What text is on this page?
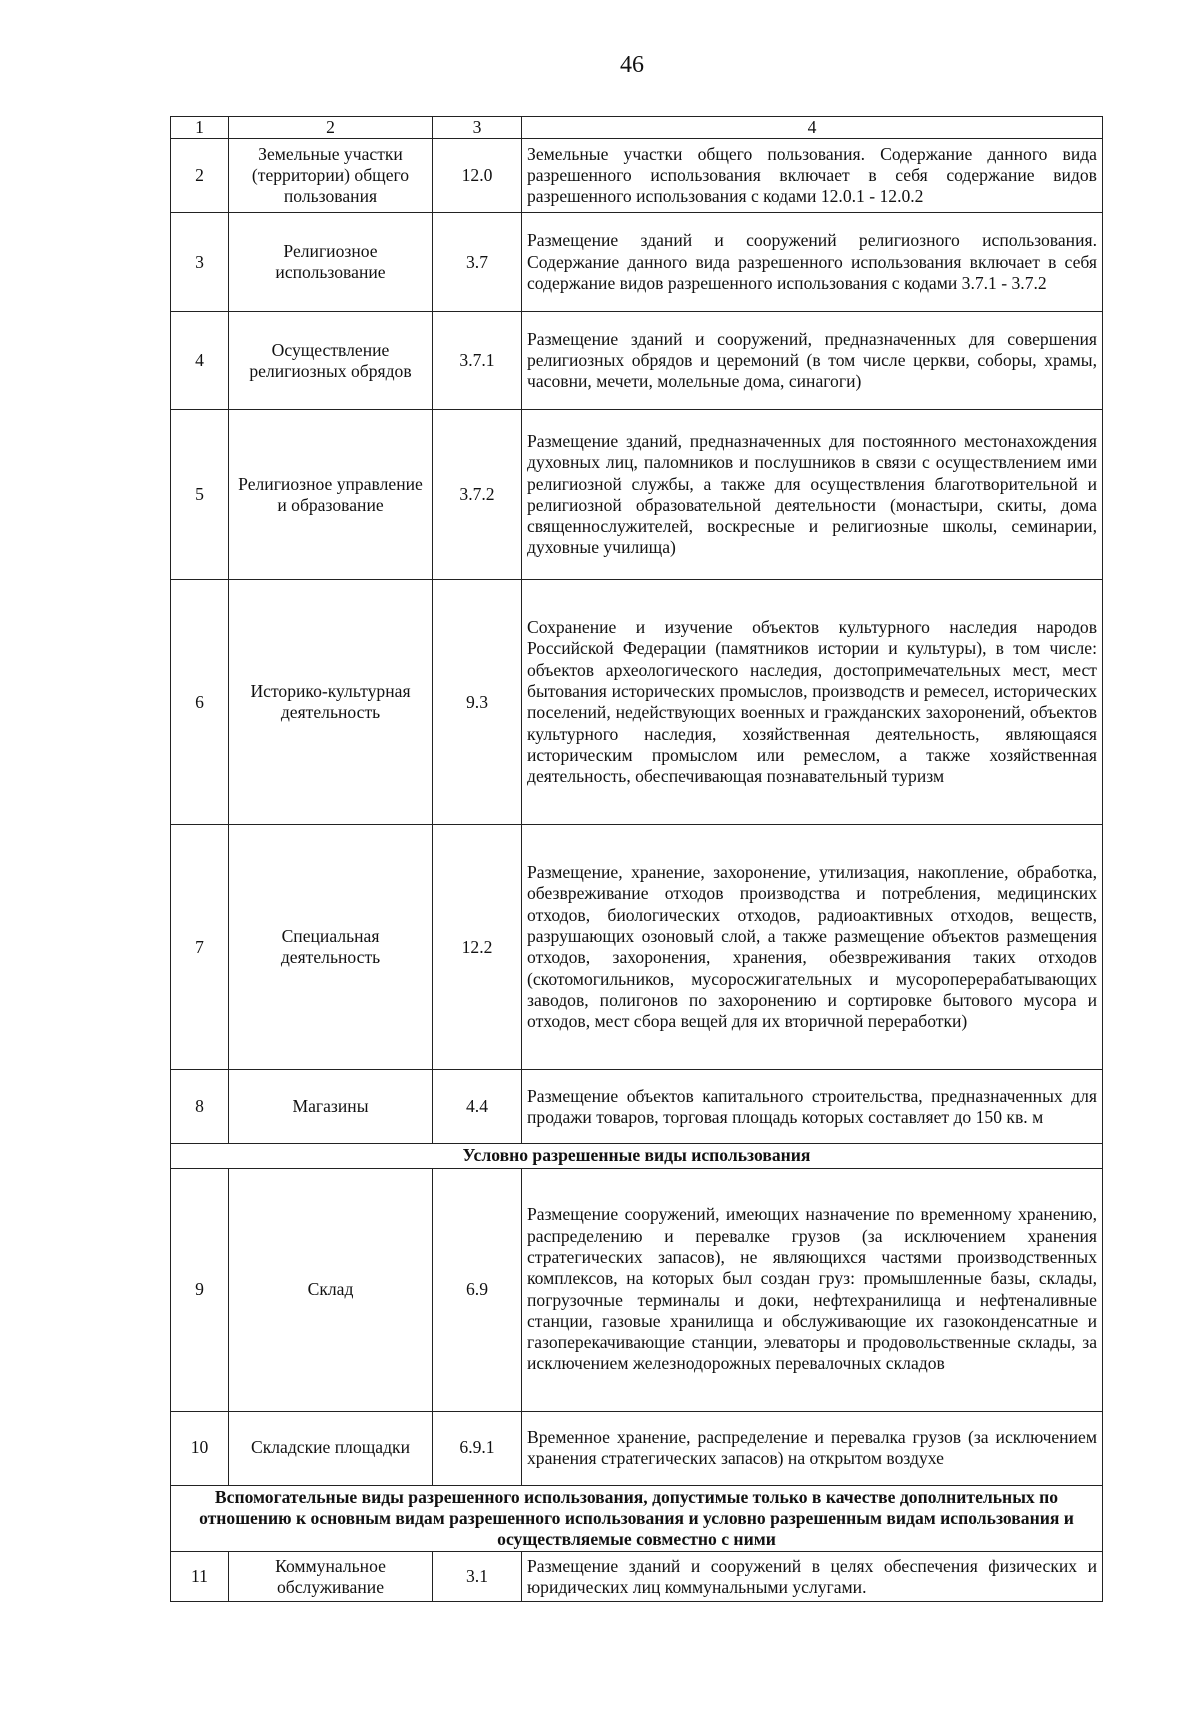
46
1	2	3	4
2	Земельные участки (территории) общего пользования	12.0	Земельные участки общего пользования. Содержание данного вида разрешенного использования включает в себя содержание видов разрешенного использования с кодами 12.0.1 - 12.0.2
3	Религиозное использование	3.7	Размещение зданий и сооружений религиозного использования. Содержание данного вида разрешенного использования включает в себя содержание видов разрешенного использования с кодами 3.7.1 - 3.7.2
4	Осуществление религиозных обрядов	3.7.1	Размещение зданий и сооружений, предназначенных для совершения религиозных обрядов и церемоний (в том числе церкви, соборы, храмы, часовни, мечети, молельные дома, синагоги)
5	Религиозное управление и образование	3.7.2	Размещение зданий, предназначенных для постоянного местонахождения духовных лиц, паломников и послушников в связи с осуществлением ими религиозной службы, а также для осуществления благотворительной и религиозной образовательной деятельности (монастыри, скиты, дома священнослужителей, воскресные и религиозные школы, семинарии, духовные училища)
6	Историко-культурная деятельность	9.3	Сохранение и изучение объектов культурного наследия народов Российской Федерации (памятников истории и культуры), в том числе: объектов археологического наследия, достопримечательных мест, мест бытования исторических промыслов, производств и ремесел, исторических поселений, недействующих военных и гражданских захоронений, объектов культурного наследия, хозяйственная деятельность, являющаяся историческим промыслом или ремеслом, а также хозяйственная деятельность, обеспечивающая познавательный туризм
7	Специальная деятельность	12.2	Размещение, хранение, захоронение, утилизация, накопление, обработка, обезвреживание отходов производства и потребления, медицинских отходов, биологических отходов, радиоактивных отходов, веществ, разрушающих озоновый слой, а также размещение объектов размещения отходов, захоронения, хранения, обезвреживания таких отходов (скотомогильников, мусоросжигательных и мусороперерабатывающих заводов, полигонов по захоронению и сортировке бытового мусора и отходов, мест сбора вещей для их вторичной переработки)
8	Магазины	4.4	Размещение объектов капитального строительства, предназначенных для продажи товаров, торговая площадь которых составляет до 150 кв. м
Условно разрешенные виды использования			
9	Склад	6.9	Размещение сооружений, имеющих назначение по временному хранению, распределению и перевалке грузов (за исключением хранения стратегических запасов), не являющихся частями производственных комплексов, на которых был создан груз: промышленные базы, склады, погрузочные терминалы и доки, нефтехранилища и нефтеналивные станции, газовые хранилища и обслуживающие их газоконденсатные и газоперекачивающие станции, элеваторы и продовольственные склады, за исключением железнодорожных перевалочных складов
10	Складские площадки	6.9.1	Временное хранение, распределение и перевалка грузов (за исключением хранения стратегических запасов) на открытом воздухе
Вспомогательные виды разрешенного использования, допустимые только в качестве дополнительных по отношению к основным видам разрешенного использования и условно разрешенным видам использования и осуществляемые совместно с ними			
11	Коммунальное обслуживание	3.1	Размещение зданий и сооружений в целях обеспечения физических и юридических лиц коммунальными услугами.
